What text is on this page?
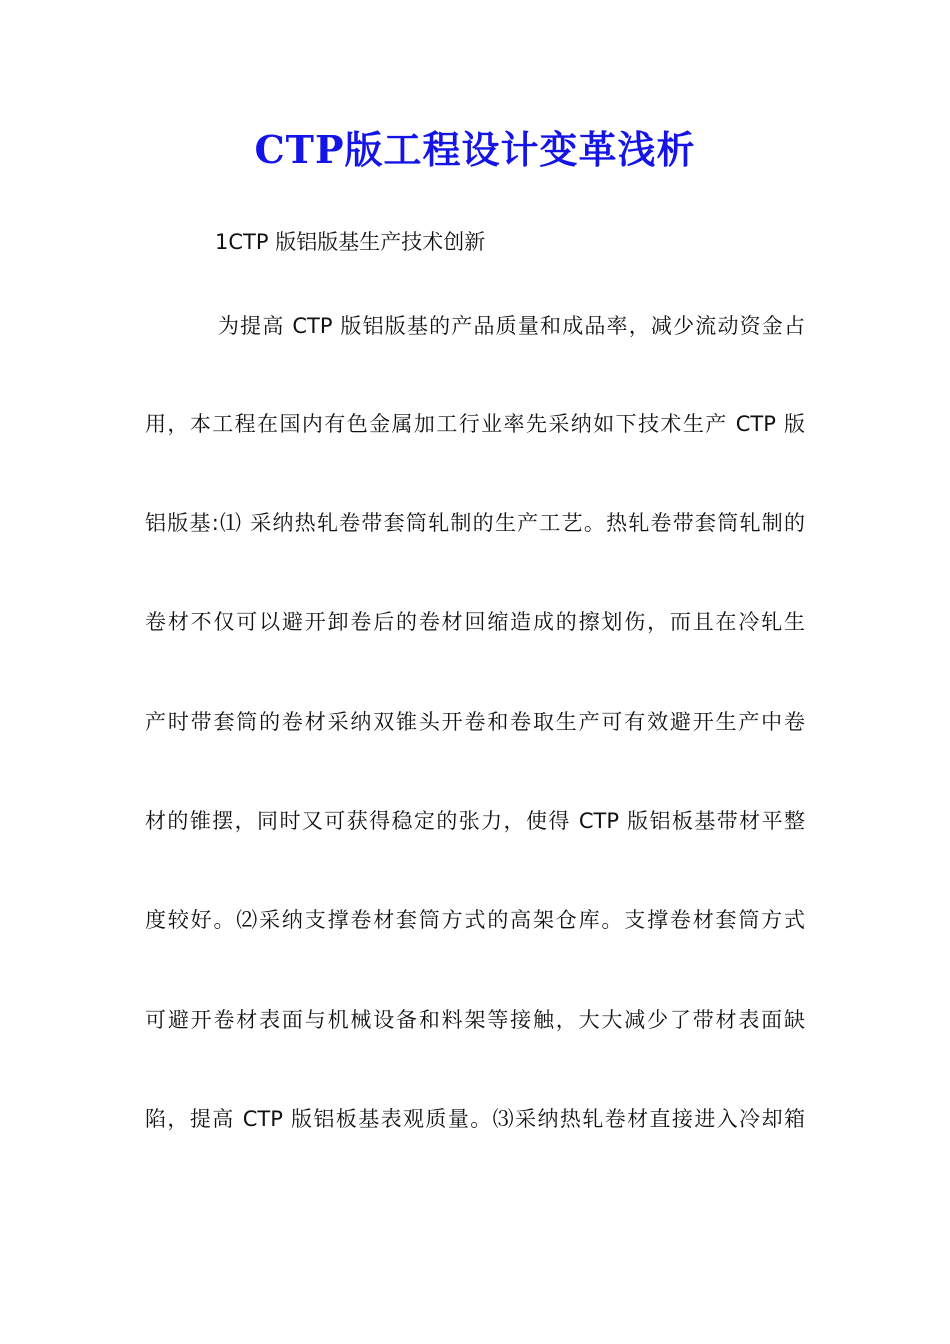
CTP版工程设计变革浅析
1CTP 版铝版基生产技术创新
为提高 CTP 版铝版基的产品质量和成品率，减少流动资金占
用，本工程在国内有色金属加工行业率先采纳如下技术生产 CTP 版
铝版基:⑴ 采纳热轧卷带套筒轧制的生产工艺。热轧卷带套筒轧制的
卷材不仅可以避开卸卷后的卷材回缩造成的擦划伤，而且在冷轧生
产时带套筒的卷材采纳双锥头开卷和卷取生产可有效避开生产中卷
材的锥摆，同时又可获得稳定的张力，使得 CTP 版铝板基带材平整
度较好。⑵采纳支撑卷材套筒方式的高架仓库。支撑卷材套筒方式
可避开卷材表面与机械设备和料架等接触，大大减少了带材表面缺
陷，提高 CTP 版铝板基表观质量。⑶采纳热轧卷材直接进入冷却箱
